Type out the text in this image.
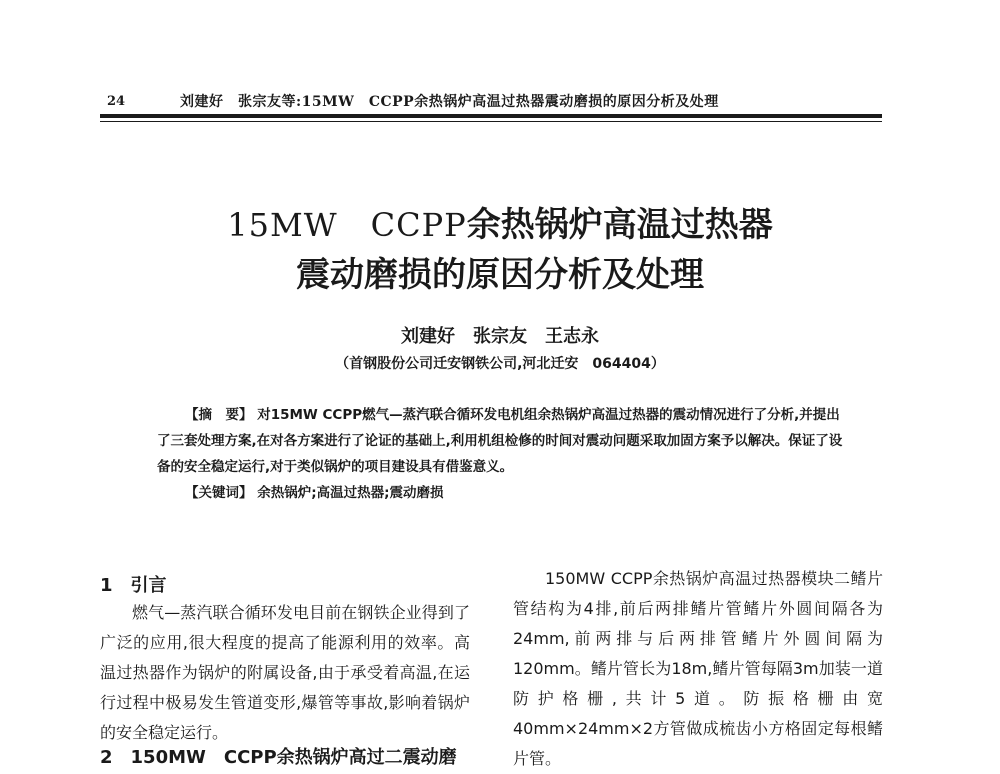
24	刘建好　张宗友等:15MW　CCPP余热锅炉高温过热器震动磨损的原因分析及处理
15MW　CCPP余热锅炉高温过热器
震动磨损的原因分析及处理
刘建好　张宗友　王志永
（首钢股份公司迁安钢铁公司,河北迁安　064404）
【摘　要】 对15MW CCPP燃气—蒸汽联合循环发电机组余热锅炉高温过热器的震动情况进行了分析,并提出了三套处理方案,在对各方案进行了论证的基础上,利用机组检修的时间对震动问题采取加固方案予以解决。保证了设备的安全稳定运行,对于类似锅炉的项目建设具有借鉴意义。
【关键词】 余热锅炉;高温过热器;震动磨损
1　引言
燃气—蒸汽联合循环发电目前在钢铁企业得到了广泛的应用,很大程度的提高了能源利用的效率。高温过热器作为锅炉的附属设备,由于承受着高温,在运行过程中极易发生管道变形,爆管等事故,影响着锅炉的安全稳定运行。
2　150MW　CCPP余热锅炉高过二震动磨
150MW CCPP余热锅炉高温过热器模块二鳍片管结构为4排,前后两排鳍片管鳍片外圆间隔各为24mm,前两排与后两排管鳍片外圆间隔为120mm。鳍片管长为18m,鳍片管每隔3m加装一道防护格栅,共计5道。防振格栅由宽40mm×24mm×2方管做成梳齿小方格固定每根鳍片管。
